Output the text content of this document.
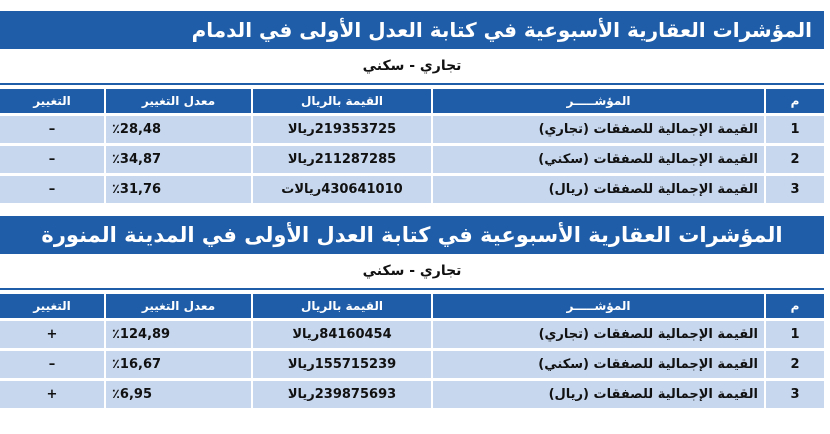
المؤشرات العقارية الأسبوعية في كتابة العدل الأولى في الدمام
تجاري - سكني
م	المؤشـــــر	القيمة بالريال	معدل التغيير	التغيير
1	القيمة الإجمالية للصفقات (تجاري)	219353725ريالا	٪28,48	–
2	القيمة الإجمالية للصفقات (سكني)	211287285ريالا	٪34,87	–
3	القيمة الإجمالية للصفقات (ريال)	430641010ريالات	٪31,76	–
المؤشرات العقارية الأسبوعية في كتابة العدل الأولى في المدينة المنورة
تجاري - سكني
م	المؤشـــــر	القيمة بالريال	معدل التغيير	التغيير
1	القيمة الإجمالية للصفقات (تجاري)	84160454ريالا	٪124,89	+
2	القيمة الإجمالية للصفقات (سكني)	155715239ريالا	٪16,67	–
3	القيمة الإجمالية للصفقات (ريال)	239875693ريالا	٪6,95	+
